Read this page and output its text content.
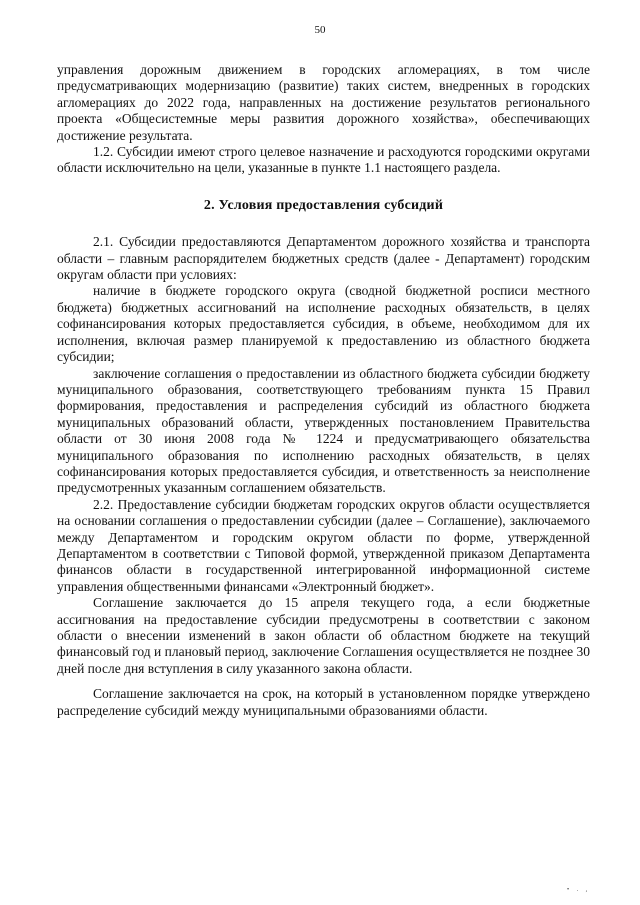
50

управления дорожным движением в городских агломерациях, в том числе предусматривающих модернизацию (развитие) таких систем, внедренных в городских агломерациях до 2022 года, направленных на достижение результатов регионального проекта «Общесистемные меры развития дорожного хозяйства», обеспечивающих достижение результата.

1.2. Субсидии имеют строго целевое назначение и расходуются городскими округами области исключительно на цели, указанные в пункте 1.1 настоящего раздела.

2. Условия предоставления субсидий

2.1. Субсидии предоставляются Департаментом дорожного хозяйства и транспорта области – главным распорядителем бюджетных средств (далее - Департамент) городским округам области при условиях:

наличие в бюджете городского округа (сводной бюджетной росписи местного бюджета) бюджетных ассигнований на исполнение расходных обязательств, в целях софинансирования которых предоставляется субсидия, в объеме, необходимом для их исполнения, включая размер планируемой к предоставлению из областного бюджета субсидии;

заключение соглашения о предоставлении из областного бюджета субсидии бюджету муниципального образования, соответствующего требованиям пункта 15 Правил формирования, предоставления и распределения субсидий из областного бюджета муниципальных образований области, утвержденных постановлением Правительства области от 30 июня 2008 года № 1224 и предусматривающего обязательства муниципального образования по исполнению расходных обязательств, в целях софинансирования которых предоставляется субсидия, и ответственность за неисполнение предусмотренных указанным соглашением обязательств.

2.2. Предоставление субсидии бюджетам городских округов области осуществляется на основании соглашения о предоставлении субсидии (далее – Соглашение), заключаемого между Департаментом и городским округом области по форме, утвержденной Департаментом в соответствии с Типовой формой, утвержденной приказом Департамента финансов области в государственной интегрированной информационной системе управления общественными финансами «Электронный бюджет».

Соглашение заключается до 15 апреля текущего года, а если бюджетные ассигнования на предоставление субсидии предусмотрены в соответствии с законом области о внесении изменений в закон области об областном бюджете на текущий финансовый год и плановый период, заключение Соглашения осуществляется не позднее 30 дней после дня вступления в силу указанного закона области.

Соглашение заключается на срок, на который в установленном порядке утверждено распределение субсидий между муниципальными образованиями области.

• . ,
